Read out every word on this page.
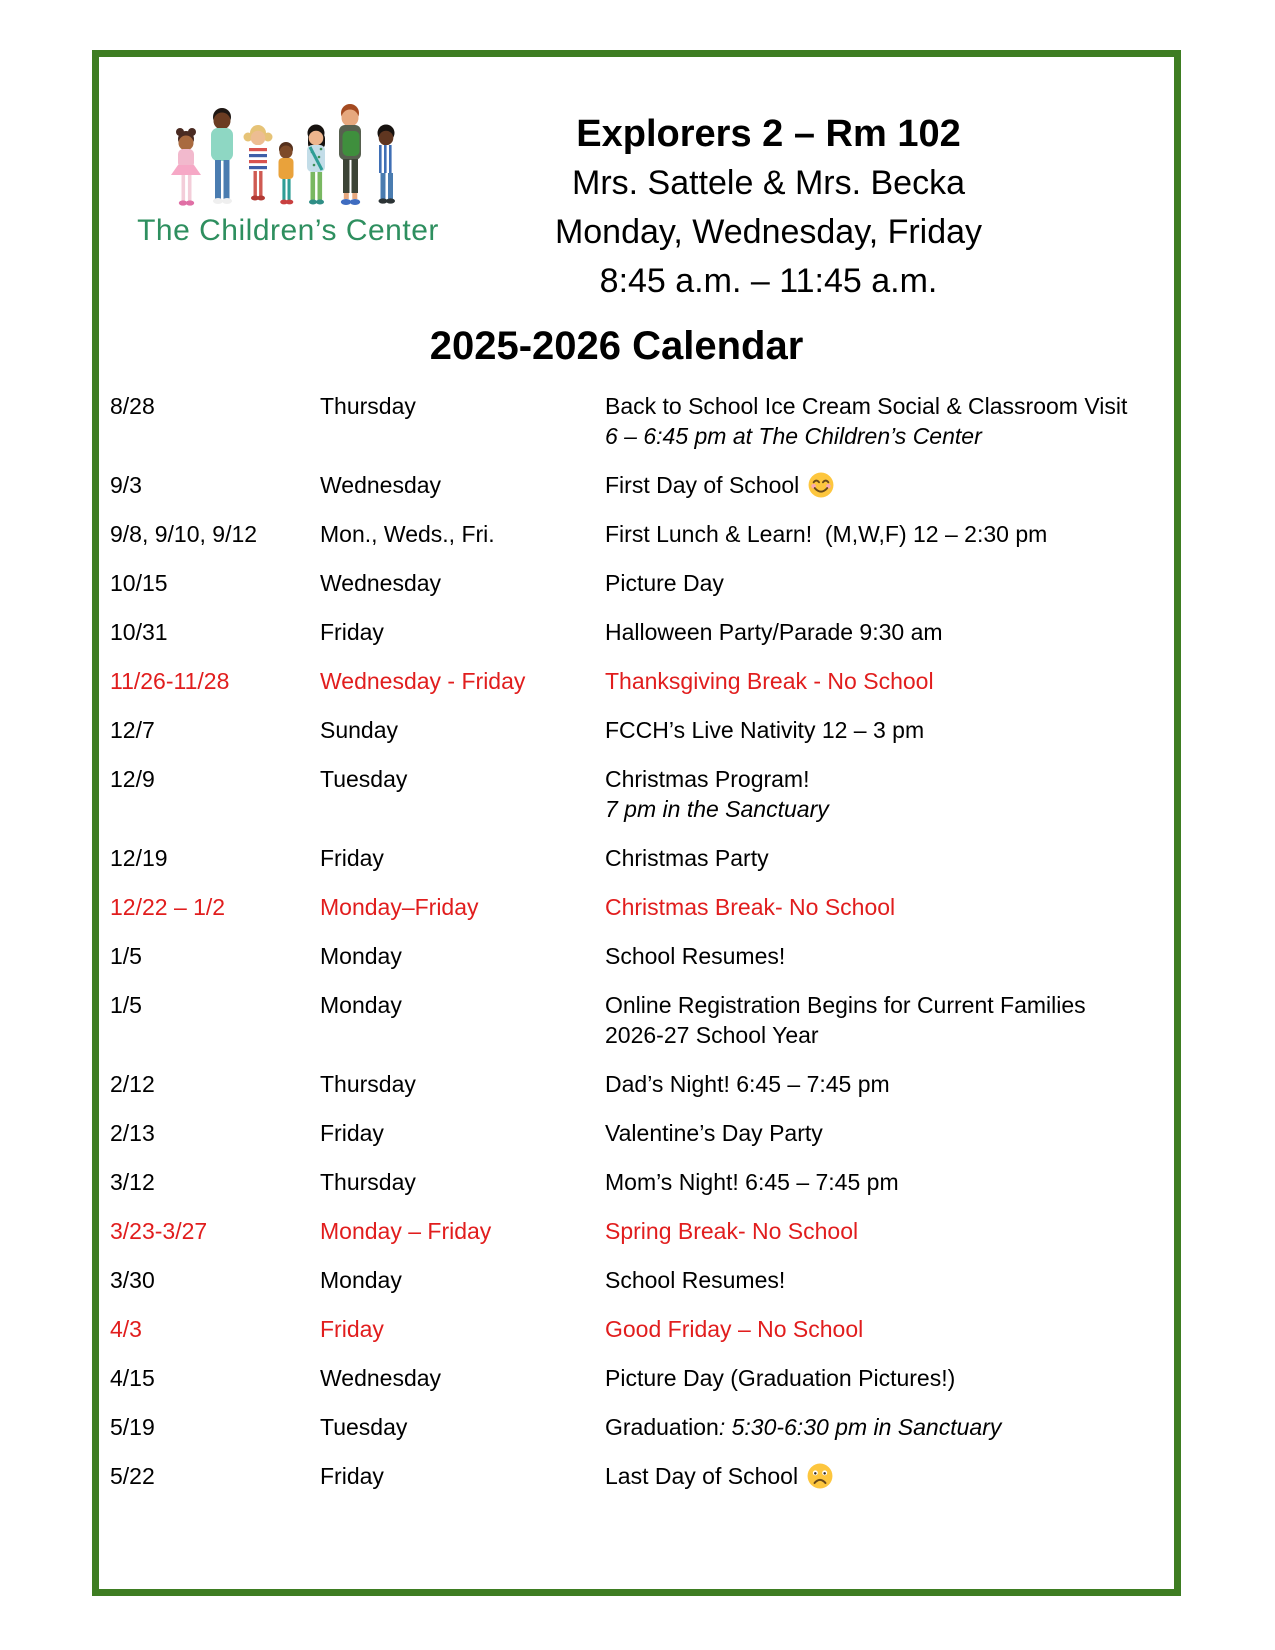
The Children’s Center
Explorers 2 – Rm 102
Mrs. Sattele & Mrs. Becka
Monday, Wednesday, Friday
8:45 a.m. – 11:45 a.m.
2025-2026 Calendar
8/28	Thursday	Back to School Ice Cream Social & Classroom Visit
6 – 6:45 pm at The Children’s Center
9/3	Wednesday	First Day of School
9/8, 9/10, 9/12	Mon., Weds., Fri.	First Lunch & Learn!  (M,W,F) 12 – 2:30 pm
10/15	Wednesday	Picture Day
10/31	Friday	Halloween Party/Parade 9:30 am
11/26-11/28	Wednesday - Friday	Thanksgiving Break - No School
12/7	Sunday	FCCH’s Live Nativity 12 – 3 pm
12/9	Tuesday	Christmas Program!
7 pm in the Sanctuary
12/19	Friday	Christmas Party
12/22 – 1/2	Monday–Friday	Christmas Break- No School
1/5	Monday	School Resumes!
1/5	Monday	Online Registration Begins for Current Families
2026-27 School Year
2/12	Thursday	Dad’s Night! 6:45 – 7:45 pm
2/13	Friday	Valentine’s Day Party
3/12	Thursday	Mom’s Night! 6:45 – 7:45 pm
3/23-3/27	Monday – Friday	Spring Break- No School
3/30	Monday	School Resumes!
4/3	Friday	Good Friday – No School
4/15	Wednesday	Picture Day (Graduation Pictures!)
5/19	Tuesday	Graduation: 5:30-6:30 pm in Sanctuary
5/22	Friday	Last Day of School
